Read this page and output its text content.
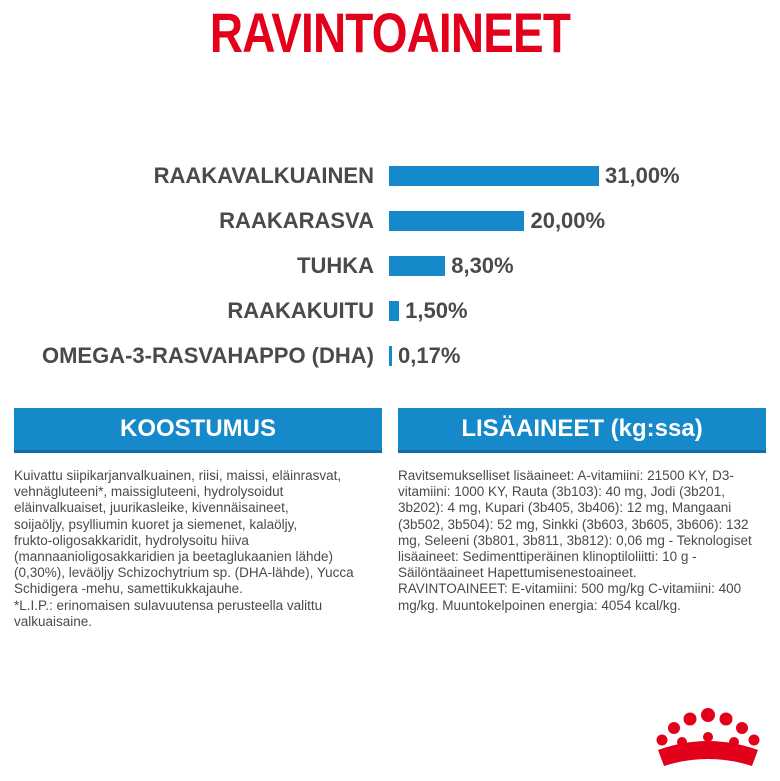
RAVINTOAINEET
RAAKAVALKUAINEN	31,00%
RAAKARASVA	20,00%
TUHKA	8,30%
RAAKAKUITU 1,50%
OMEGA-3-RASVAHAPPO (DHA) 0,17%
KOOSTUMUS
Kuivattu siipikarjanvalkuainen, riisi, maissi, eläinrasvat,
vehnägluteeni*, maissigluteeni, hydrolysoidut
eläinvalkuaiset, juurikasleike, kivennäisaineet,
soijaöljy, psylliumin kuoret ja siemenet, kalaöljy,
frukto-oligosakkaridit, hydrolysoitu hiiva
(mannaanioligosakkaridien ja beetaglukaanien lähde)
(0,30%), leväöljy Schizochytrium sp. (DHA-lähde), Yucca
Schidigera -mehu, samettikukkajauhe.
*L.I.P.: erinomaisen sulavuutensa perusteella valittu
valkuaisaine.
LISÄAINEET (kg:ssa)
Ravitsemukselliset lisäaineet: A-vitamiini: 21500 KY, D3-
vitamiini: 1000 KY, Rauta (3b103): 40 mg, Jodi (3b201,
3b202): 4 mg, Kupari (3b405, 3b406): 12 mg, Mangaani
(3b502, 3b504): 52 mg, Sinkki (3b603, 3b605, 3b606): 132
mg, Seleeni (3b801, 3b811, 3b812): 0,06 mg - Teknologiset
lisäaineet: Sedimenttiperäinen klinoptiloliitti: 10 g -
Säilöntäaineet Hapettumisenestoaineet.
RAVINTOAINEET: E-vitamiini: 500 mg/kg C-vitamiini: 400
mg/kg. Muuntokelpoinen energia: 4054 kcal/kg.
